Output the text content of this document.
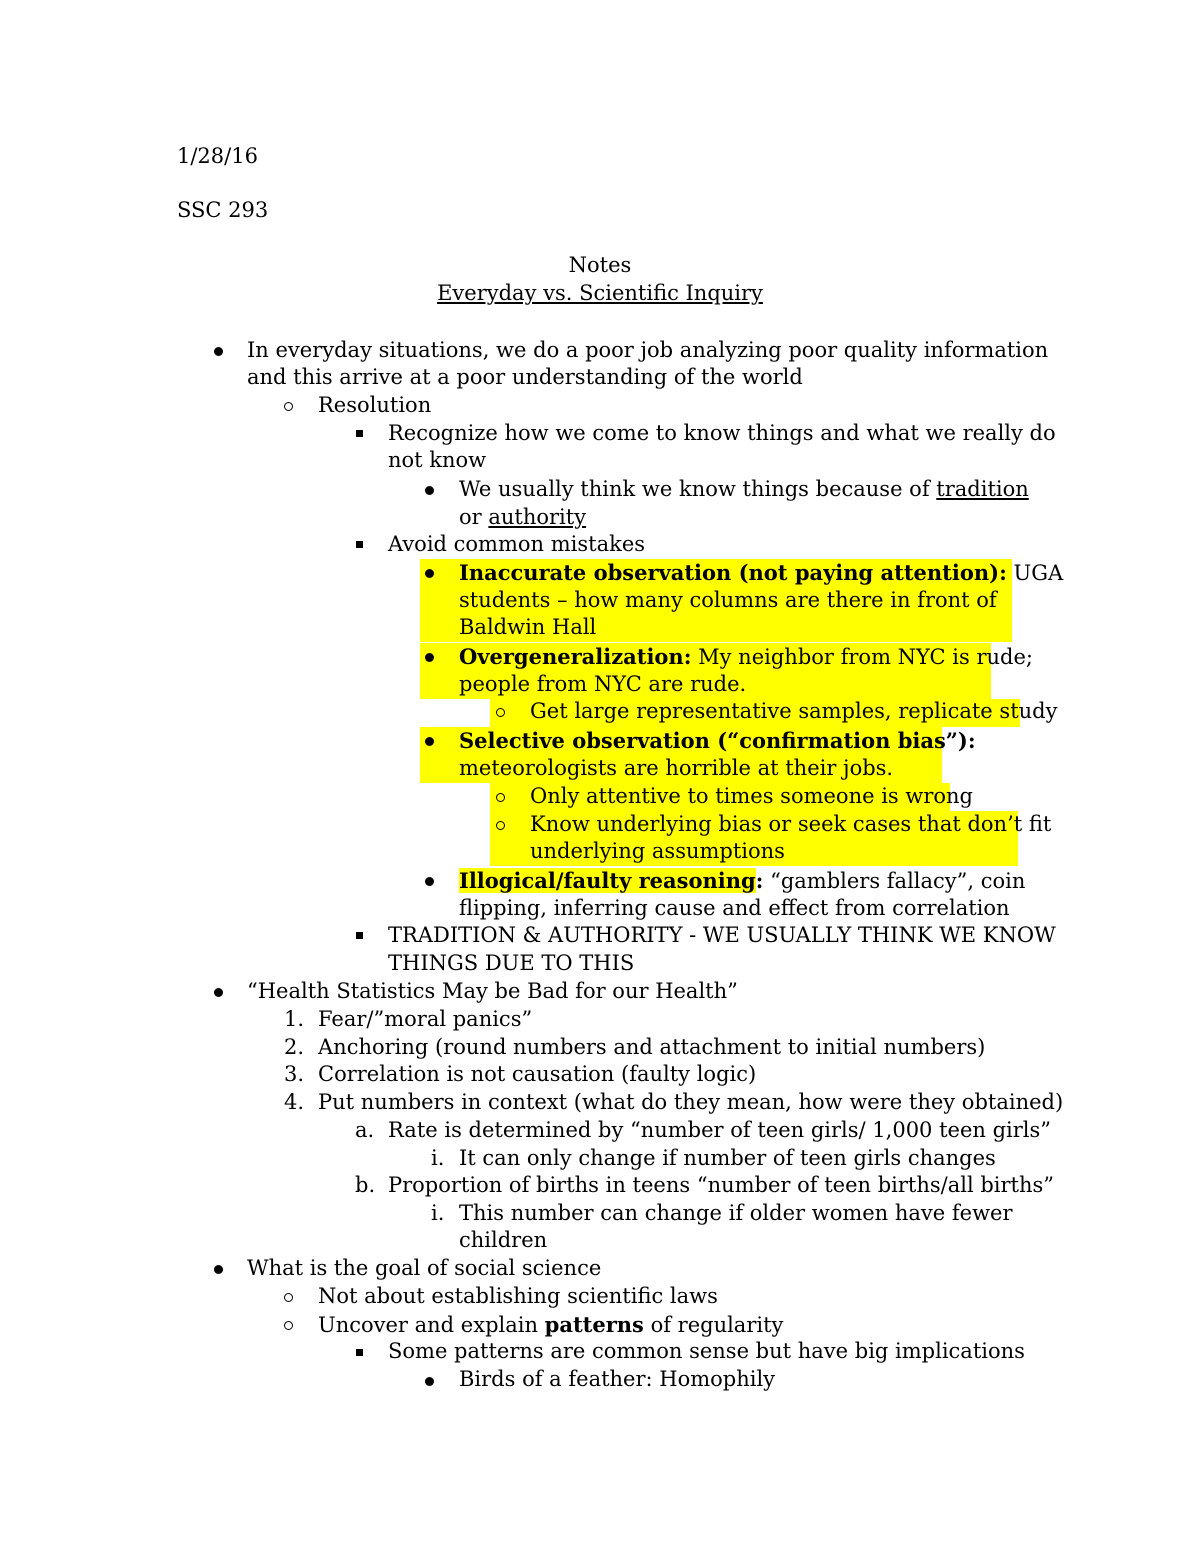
1/28/16
SSC 293
Notes
Everyday vs. Scientific Inquiry
In everyday situations, we do a poor job analyzing poor quality information
and this arrive at a poor understanding of the world
Resolution
Recognize how we come to know things and what we really do
not know
We usually think we know things because of tradition
or authority
Avoid common mistakes
Inaccurate observation (not paying attention): UGA
students – how many columns are there in front of
Baldwin Hall
Overgeneralization: My neighbor from NYC is rude;
people from NYC are rude.
Get large representative samples, replicate study
Selective observation (“confirmation bias”):
meteorologists are horrible at their jobs.
Only attentive to times someone is wrong
Know underlying bias or seek cases that don’t fit
underlying assumptions
Illogical/faulty reasoning: “gamblers fallacy”, coin
flipping, inferring cause and effect from correlation
TRADITION & AUTHORITY - WE USUALLY THINK WE KNOW
THINGS DUE TO THIS
“Health Statistics May be Bad for our Health”
1. Fear/”moral panics”
2. Anchoring (round numbers and attachment to initial numbers)
3. Correlation is not causation (faulty logic)
4. Put numbers in context (what do they mean, how were they obtained)
a. Rate is determined by “number of teen girls/ 1,000 teen girls”
i. It can only change if number of teen girls changes
b. Proportion of births in teens “number of teen births/all births”
i. This number can change if older women have fewer
children
What is the goal of social science
Not about establishing scientific laws
Uncover and explain patterns of regularity
Some patterns are common sense but have big implications
Birds of a feather: Homophily
